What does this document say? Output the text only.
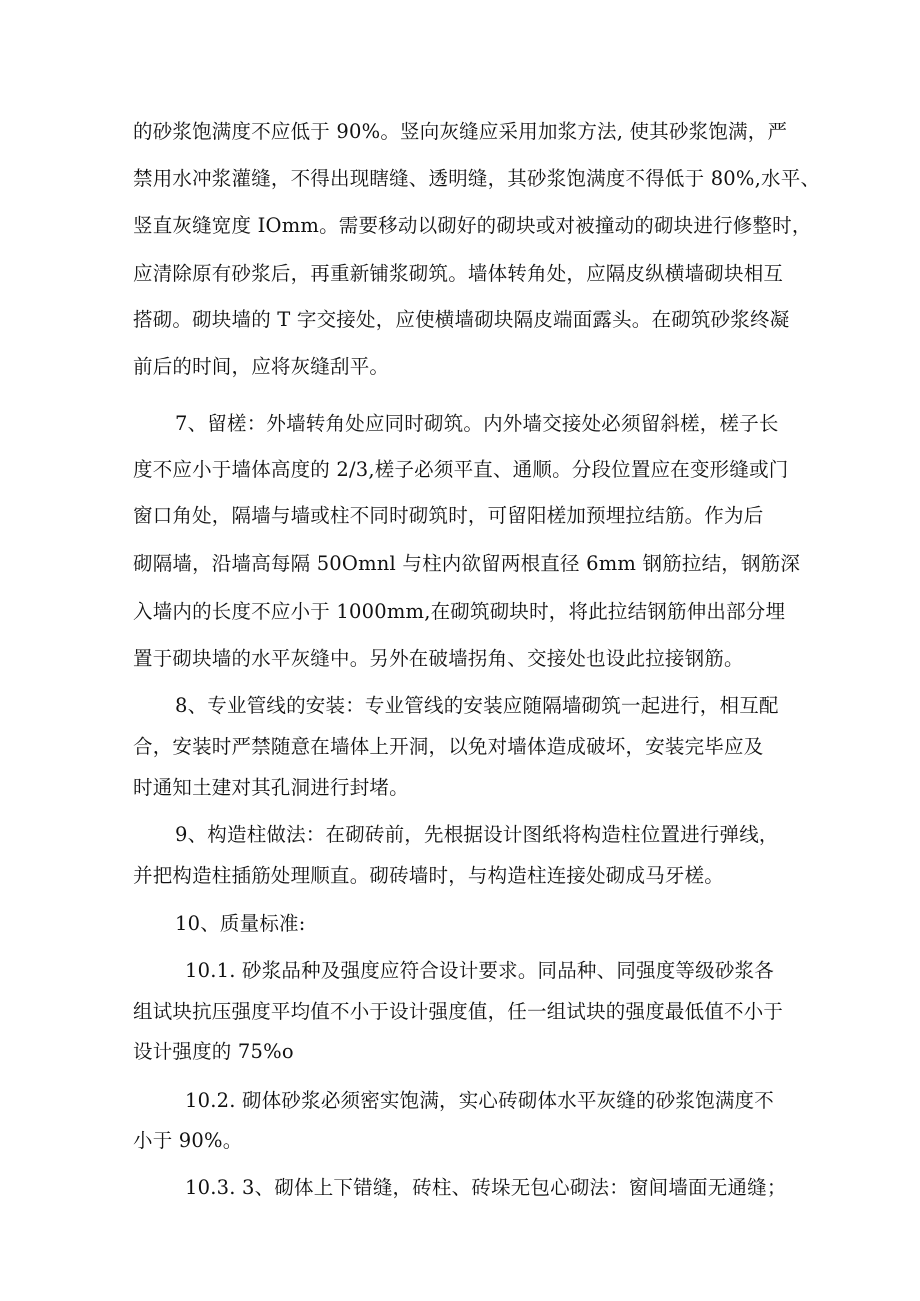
的砂浆饱满度不应低于 90%。竖向灰缝应采用加浆方法, 使其砂浆饱满，严
禁用水冲浆灌缝，不得出现瞎缝、透明缝，其砂浆饱满度不得低于 80%,水平、
竖直灰缝宽度 IOmm。需要移动以砌好的砌块或对被撞动的砌块进行修整时，
应清除原有砂浆后，再重新铺浆砌筑。墙体转角处，应隔皮纵横墙砌块相互
搭砌。砌块墙的 T 字交接处，应使横墙砌块隔皮端面露头。在砌筑砂浆终凝
前后的时间，应将灰缝刮平。
7、留槎：外墙转角处应同时砌筑。内外墙交接处必须留斜槎，槎子长
度不应小于墙体高度的 2/3,槎子必须平直、通顺。分段位置应在变形缝或门
窗口角处，隔墙与墙或柱不同时砌筑时，可留阳槎加预埋拉结筋。作为后
砌隔墙，沿墙高每隔 50Omnl 与柱内欲留两根直径 6mm 钢筋拉结，钢筋深
入墙内的长度不应小于 1000mm,在砌筑砌块时，将此拉结钢筋伸出部分埋
置于砌块墙的水平灰缝中。另外在破墙拐角、交接处也设此拉接钢筋。
8、专业管线的安装：专业管线的安装应随隔墙砌筑一起进行，相互配
合，安装时严禁随意在墙体上开洞，以免对墙体造成破坏，安装完毕应及
时通知土建对其孔洞进行封堵。
9、构造柱做法：在砌砖前，先根据设计图纸将构造柱位置进行弹线，
并把构造柱插筋处理顺直。砌砖墙时，与构造柱连接处砌成马牙槎。
10、质量标准:
10.1. 砂浆品种及强度应符合设计要求。同品种、同强度等级砂浆各
组试块抗压强度平均值不小于设计强度值，任一组试块的强度最低值不小于
设计强度的 75%o
10.2. 砌体砂浆必须密实饱满，实心砖砌体水平灰缝的砂浆饱满度不
小于 90%。
10.3. 3、砌体上下错缝，砖柱、砖垛无包心砌法：窗间墙面无通缝；
